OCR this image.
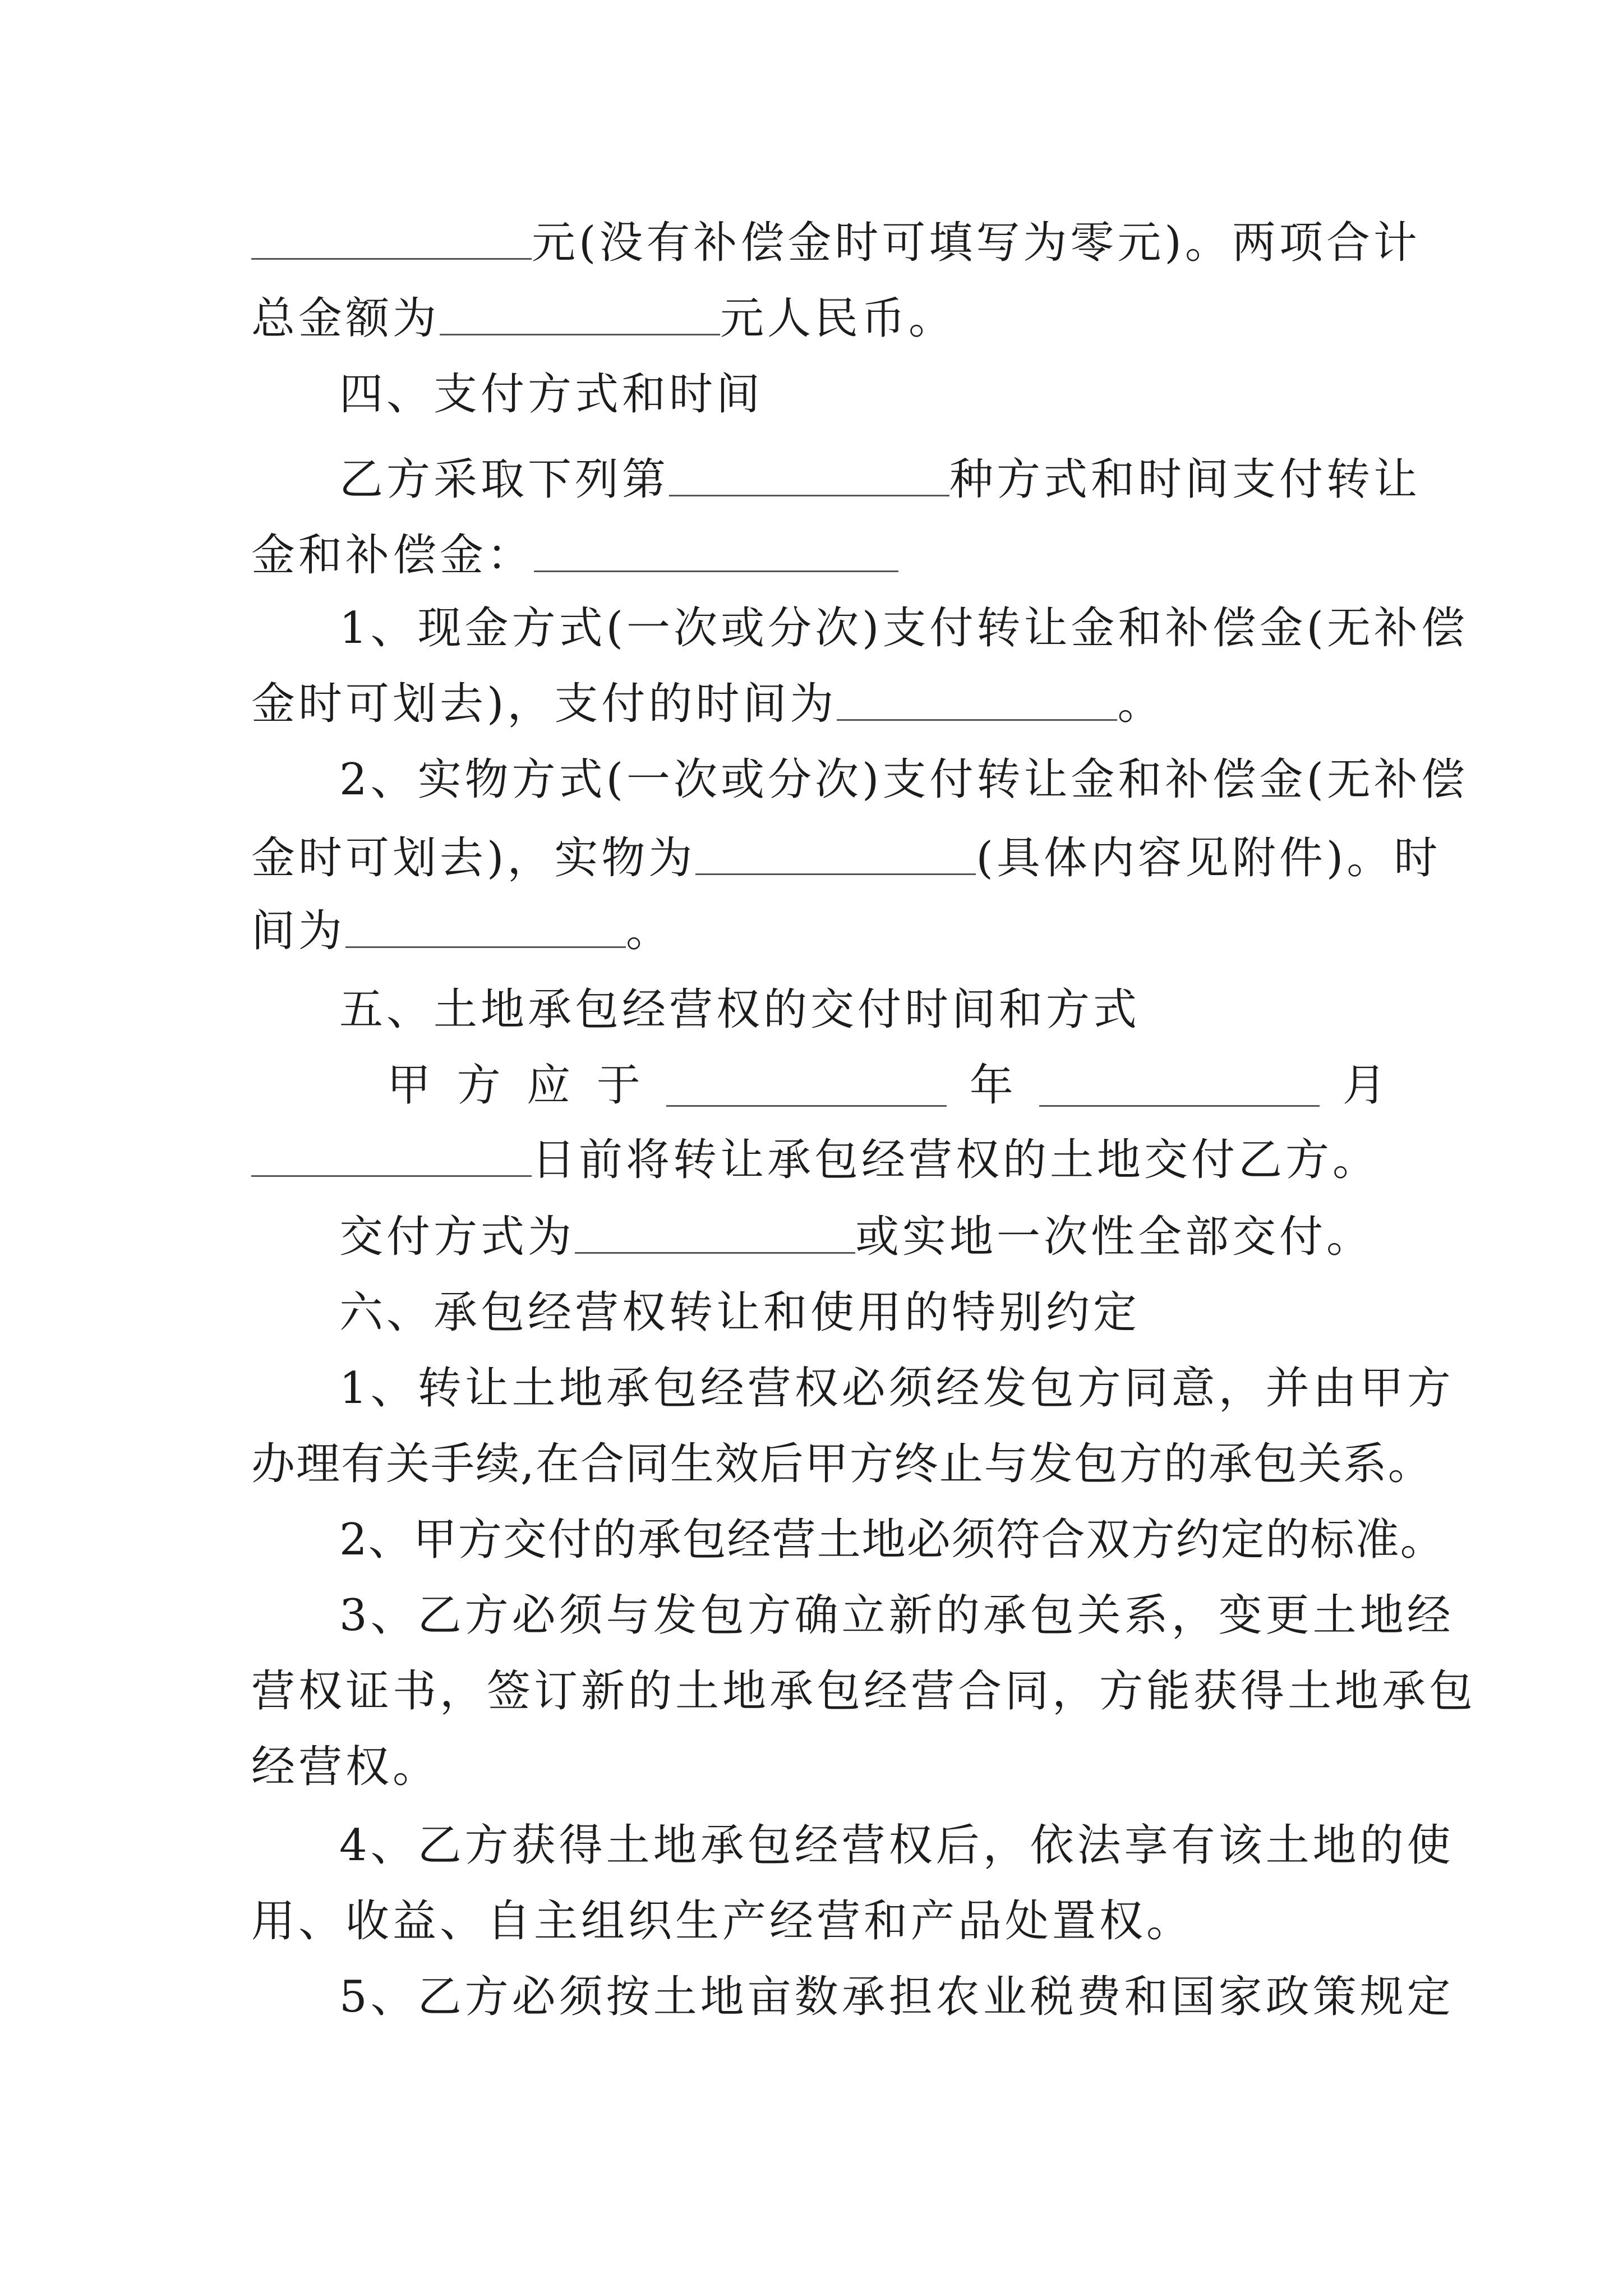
元(没有补偿金时可填写为零元)。两项合计
总金额为	元人民币。
四、支付方式和时间
乙方采取下列第	种方式和时间支付转让
金和补偿金：
1、现金方式(一次或分次)支付转让金和补偿金(无补偿
金时可划去)，支付的时间为	。
2、实物方式(一次或分次)支付转让金和补偿金(无补偿
金时可划去)，实物为	(具体内容见附件)。时
间为	。
五、土地承包经营权的交付时间和方式
甲 方 应 于	年	月
日前将转让承包经营权的土地交付乙方。
交付方式为	或实地一次性全部交付。
六、承包经营权转让和使用的特别约定
1、转让土地承包经营权必须经发包方同意，并由甲方
办理有关手续,在合同生效后甲方终止与发包方的承包关系。
2、甲方交付的承包经营土地必须符合双方约定的标准。
3、乙方必须与发包方确立新的承包关系，变更土地经
营权证书，签订新的土地承包经营合同，方能获得土地承包
经营权。
4、乙方获得土地承包经营权后，依法享有该土地的使
用、收益、自主组织生产经营和产品处置权。
5、乙方必须按土地亩数承担农业税费和国家政策规定
